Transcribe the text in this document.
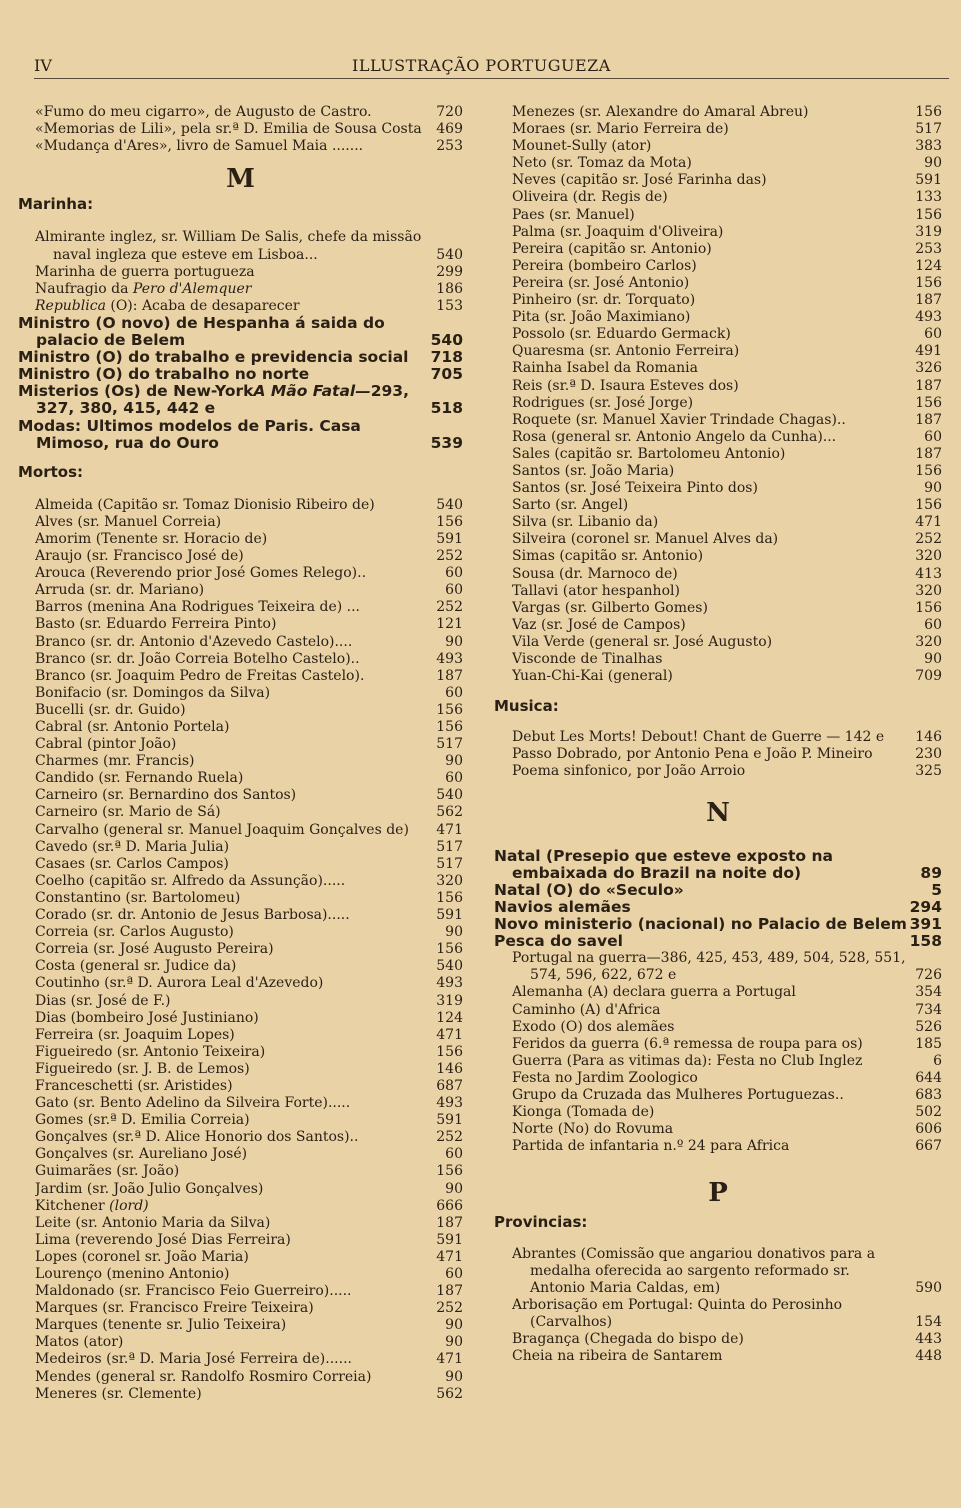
IV	ILLUSTRAÇÃO PORTUGUEZA
«Fumo do meu cigarro», de Augusto de Castro.	720
«Memorias de Lili», pela sr.ª D. Emilia de Sousa Costa	469
«Mudança d'Ares», livro de Samuel Maia .......	253
M
Marinha:
Almirante inglez, sr. William De Salis, chefe da missão naval ingleza que esteve em Lisboa...	540
Marinha de guerra portugueza	299
Naufragio da Pero d'Alemquer	186
Republica (O): Acaba de desaparecer	153
Ministro (O novo) de Hespanha á saida do palacio de Belem	540
Ministro (O) do trabalho e previdencia social	718
Ministro (O) do trabalho no norte	705
Misterios (Os) de New-YorkA Mão Fatal—293, 327, 380, 415, 442 e	518
Modas: Ultimos modelos de Paris. Casa Mimoso, rua do Ouro	539
Mortos:
Almeida (Capitão sr. Tomaz Dionisio Ribeiro de)	540
Alves (sr. Manuel Correia)	156
Amorim (Tenente sr. Horacio de)	591
Araujo (sr. Francisco José de)	252
Arouca (Reverendo prior José Gomes Relego)..	60
Arruda (sr. dr. Mariano)	60
Barros (menina Ana Rodrigues Teixeira de) ...	252
Basto (sr. Eduardo Ferreira Pinto)	121
Branco (sr. dr. Antonio d'Azevedo Castelo)....	90
Branco (sr. dr. João Correia Botelho Castelo)..	493
Branco (sr. Joaquim Pedro de Freitas Castelo).	187
Bonifacio (sr. Domingos da Silva)	60
Bucelli (sr. dr. Guido)	156
Cabral (sr. Antonio Portela)	156
Cabral (pintor João)	517
Charmes (mr. Francis)	90
Candido (sr. Fernando Ruela)	60
Carneiro (sr. Bernardino dos Santos)	540
Carneiro (sr. Mario de Sá)	562
Carvalho (general sr. Manuel Joaquim Gonçalves de)	471
Cavedo (sr.ª D. Maria Julia)	517
Casaes (sr. Carlos Campos)	517
Coelho (capitão sr. Alfredo da Assunção).....	320
Constantino (sr. Bartolomeu)	156
Corado (sr. dr. Antonio de Jesus Barbosa).....	591
Correia (sr. Carlos Augusto)	90
Correia (sr. José Augusto Pereira)	156
Costa (general sr. Judice da)	540
Coutinho (sr.ª D. Aurora Leal d'Azevedo)	493
Dias (sr. José de F.)	319
Dias (bombeiro José Justiniano)	124
Ferreira (sr. Joaquim Lopes)	471
Figueiredo (sr. Antonio Teixeira)	156
Figueiredo (sr. J. B. de Lemos)	146
Franceschetti (sr. Aristides)	687
Gato (sr. Bento Adelino da Silveira Forte).....	493
Gomes (sr.ª D. Emilia Correia)	591
Gonçalves (sr.ª D. Alice Honorio dos Santos)..	252
Gonçalves (sr. Aureliano José)	60
Guimarães (sr. João)	156
Jardim (sr. João Julio Gonçalves)	90
Kitchener (lord)	666
Leite (sr. Antonio Maria da Silva)	187
Lima (reverendo José Dias Ferreira)	591
Lopes (coronel sr. João Maria)	471
Lourenço (menino Antonio)	60
Maldonado (sr. Francisco Feio Guerreiro).....	187
Marques (sr. Francisco Freire Teixeira)	252
Marques (tenente sr. Julio Teixeira)	90
Matos (ator)	90
Medeiros (sr.ª D. Maria José Ferreira de)......	471
Mendes (general sr. Randolfo Rosmiro Correia)	90
Meneres (sr. Clemente)	562
Menezes (sr. Alexandre do Amaral Abreu)	156
Moraes (sr. Mario Ferreira de)	517
Mounet-Sully (ator)	383
Neto (sr. Tomaz da Mota)	90
Neves (capitão sr. José Farinha das)	591
Oliveira (dr. Regis de)	133
Paes (sr. Manuel)	156
Palma (sr. Joaquim d'Oliveira)	319
Pereira (capitão sr. Antonio)	253
Pereira (bombeiro Carlos)	124
Pereira (sr. José Antonio)	156
Pinheiro (sr. dr. Torquato)	187
Pita (sr. João Maximiano)	493
Possolo (sr. Eduardo Germack)	60
Quaresma (sr. Antonio Ferreira)	491
Rainha Isabel da Romania	326
Reis (sr.ª D. Isaura Esteves dos)	187
Rodrigues (sr. José Jorge)	156
Roquete (sr. Manuel Xavier Trindade Chagas)..	187
Rosa (general sr. Antonio Angelo da Cunha)...	60
Sales (capitão sr. Bartolomeu Antonio)	187
Santos (sr. João Maria)	156
Santos (sr. José Teixeira Pinto dos)	90
Sarto (sr. Angel)	156
Silva (sr. Libanio da)	471
Silveira (coronel sr. Manuel Alves da)	252
Simas (capitão sr. Antonio)	320
Sousa (dr. Marnoco de)	413
Tallavi (ator hespanhol)	320
Vargas (sr. Gilberto Gomes)	156
Vaz (sr. José de Campos)	60
Vila Verde (general sr. José Augusto)	320
Visconde de Tinalhas	90
Yuan-Chi-Kai (general)	709
Musica:
Debut Les Morts! Debout! Chant de Guerre — 142 e	146
Passo Dobrado, por Antonio Pena e João P. Mineiro	230
Poema sinfonico, por João Arroio	325
N
Natal (Presepio que esteve exposto na embaixada do Brazil na noite do)	89
Natal (O) do «Seculo»	5
Navios alemães	294
Novo ministerio (nacional) no Palacio de Belem 391
Pesca do savel	158
Portugal na guerra—386, 425, 453, 489, 504, 528, 551, 574, 596, 622, 672 e	726
Alemanha (A) declara guerra a Portugal	354
Caminho (A) d'Africa	734
Exodo (O) dos alemães	526
Feridos da guerra (6.ª remessa de roupa para os)	185
Guerra (Para as vitimas da): Festa no Club Inglez	6
Festa no Jardim Zoologico	644
Grupo da Cruzada das Mulheres Portuguezas..	683
Kionga (Tomada de)	502
Norte (No) do Rovuma	606
Partida de infantaria n.º 24 para Africa	667
P
Provincias:
Abrantes (Comissão que angariou donativos para a medalha oferecida ao sargento reformado sr. Antonio Maria Caldas, em)	590
Arborisação em Portugal: Quinta do Perosinho (Carvalhos)	154
Bragança (Chegada do bispo de)	443
Cheia na ribeira de Santarem	448
